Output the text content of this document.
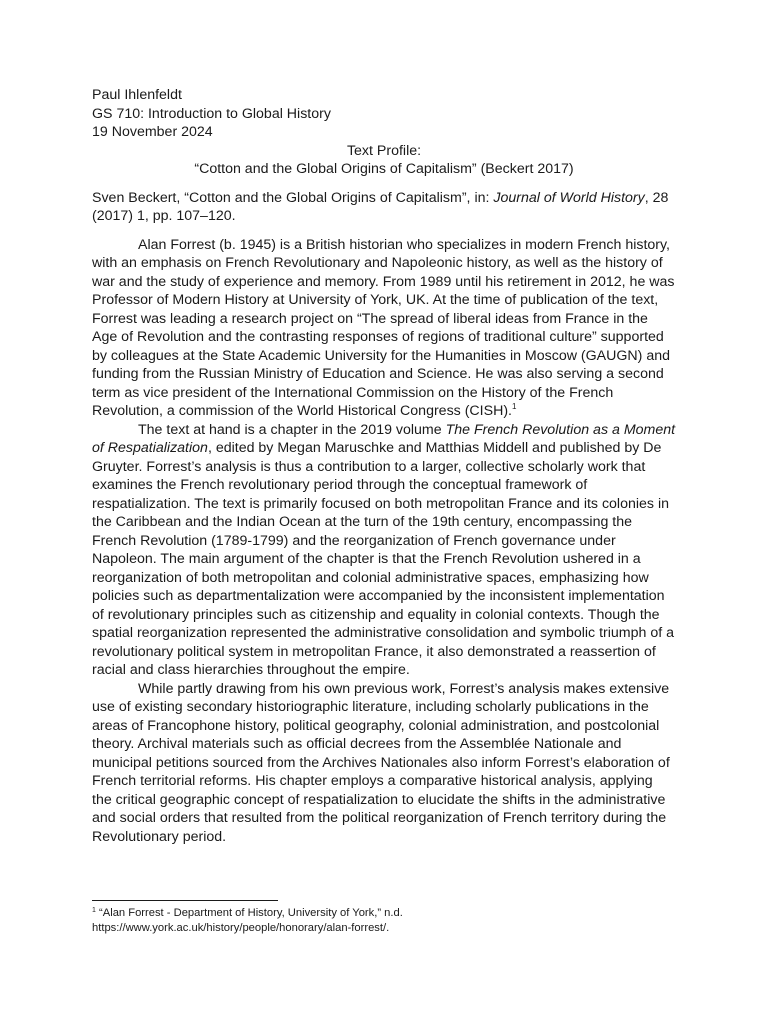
Paul Ihlenfeldt
GS 710: Introduction to Global History
19 November 2024
Text Profile:
“Cotton and the Global Origins of Capitalism” (Beckert 2017)

Sven Beckert, “Cotton and the Global Origins of Capitalism”, in: Journal of World History, 28 (2017) 1, pp. 107–120.

Alan Forrest (b. 1945) is a British historian who specializes in modern French history, with an emphasis on French Revolutionary and Napoleonic history, as well as the history of war and the study of experience and memory. From 1989 until his retirement in 2012, he was Professor of Modern History at University of York, UK. At the time of publication of the text, Forrest was leading a research project on “The spread of liberal ideas from France in the Age of Revolution and the contrasting responses of regions of traditional culture” supported by colleagues at the State Academic University for the Humanities in Moscow (GAUGN) and funding from the Russian Ministry of Education and Science. He was also serving a second term as vice president of the International Commission on the History of the French Revolution, a commission of the World Historical Congress (CISH).$^1$

The text at hand is a chapter in the 2019 volume The French Revolution as a Moment of Respatialization, edited by Megan Maruschke and Matthias Middell and published by De Gruyter. Forrest’s analysis is thus a contribution to a larger, collective scholarly work that examines the French revolutionary period through the conceptual framework of respatialization. The text is primarily focused on both metropolitan France and its colonies in the Caribbean and the Indian Ocean at the turn of the 19th century, encompassing the French Revolution (1789-1799) and the reorganization of French governance under Napoleon. The main argument of the chapter is that the French Revolution ushered in a reorganization of both metropolitan and colonial administrative spaces, emphasizing how policies such as departmentalization were accompanied by the inconsistent implementation of revolutionary principles such as citizenship and equality in colonial contexts. Though the spatial reorganization represented the administrative consolidation and symbolic triumph of a revolutionary political system in metropolitan France, it also demonstrated a reassertion of racial and class hierarchies throughout the empire.

While partly drawing from his own previous work, Forrest’s analysis makes extensive use of existing secondary historiographic literature, including scholarly publications in the areas of Francophone history, political geography, colonial administration, and postcolonial theory. Archival materials such as official decrees from the Assemblée Nationale and municipal petitions sourced from the Archives Nationales also inform Forrest’s elaboration of French territorial reforms. His chapter employs a comparative historical analysis, applying the critical geographic concept of respatialization to elucidate the shifts in the administrative and social orders that resulted from the political reorganization of French territory during the Revolutionary period.

$^1$ “Alan Forrest - Department of History, University of York,” n.d.
https://www.york.ac.uk/history/people/honorary/alan-forrest/.
